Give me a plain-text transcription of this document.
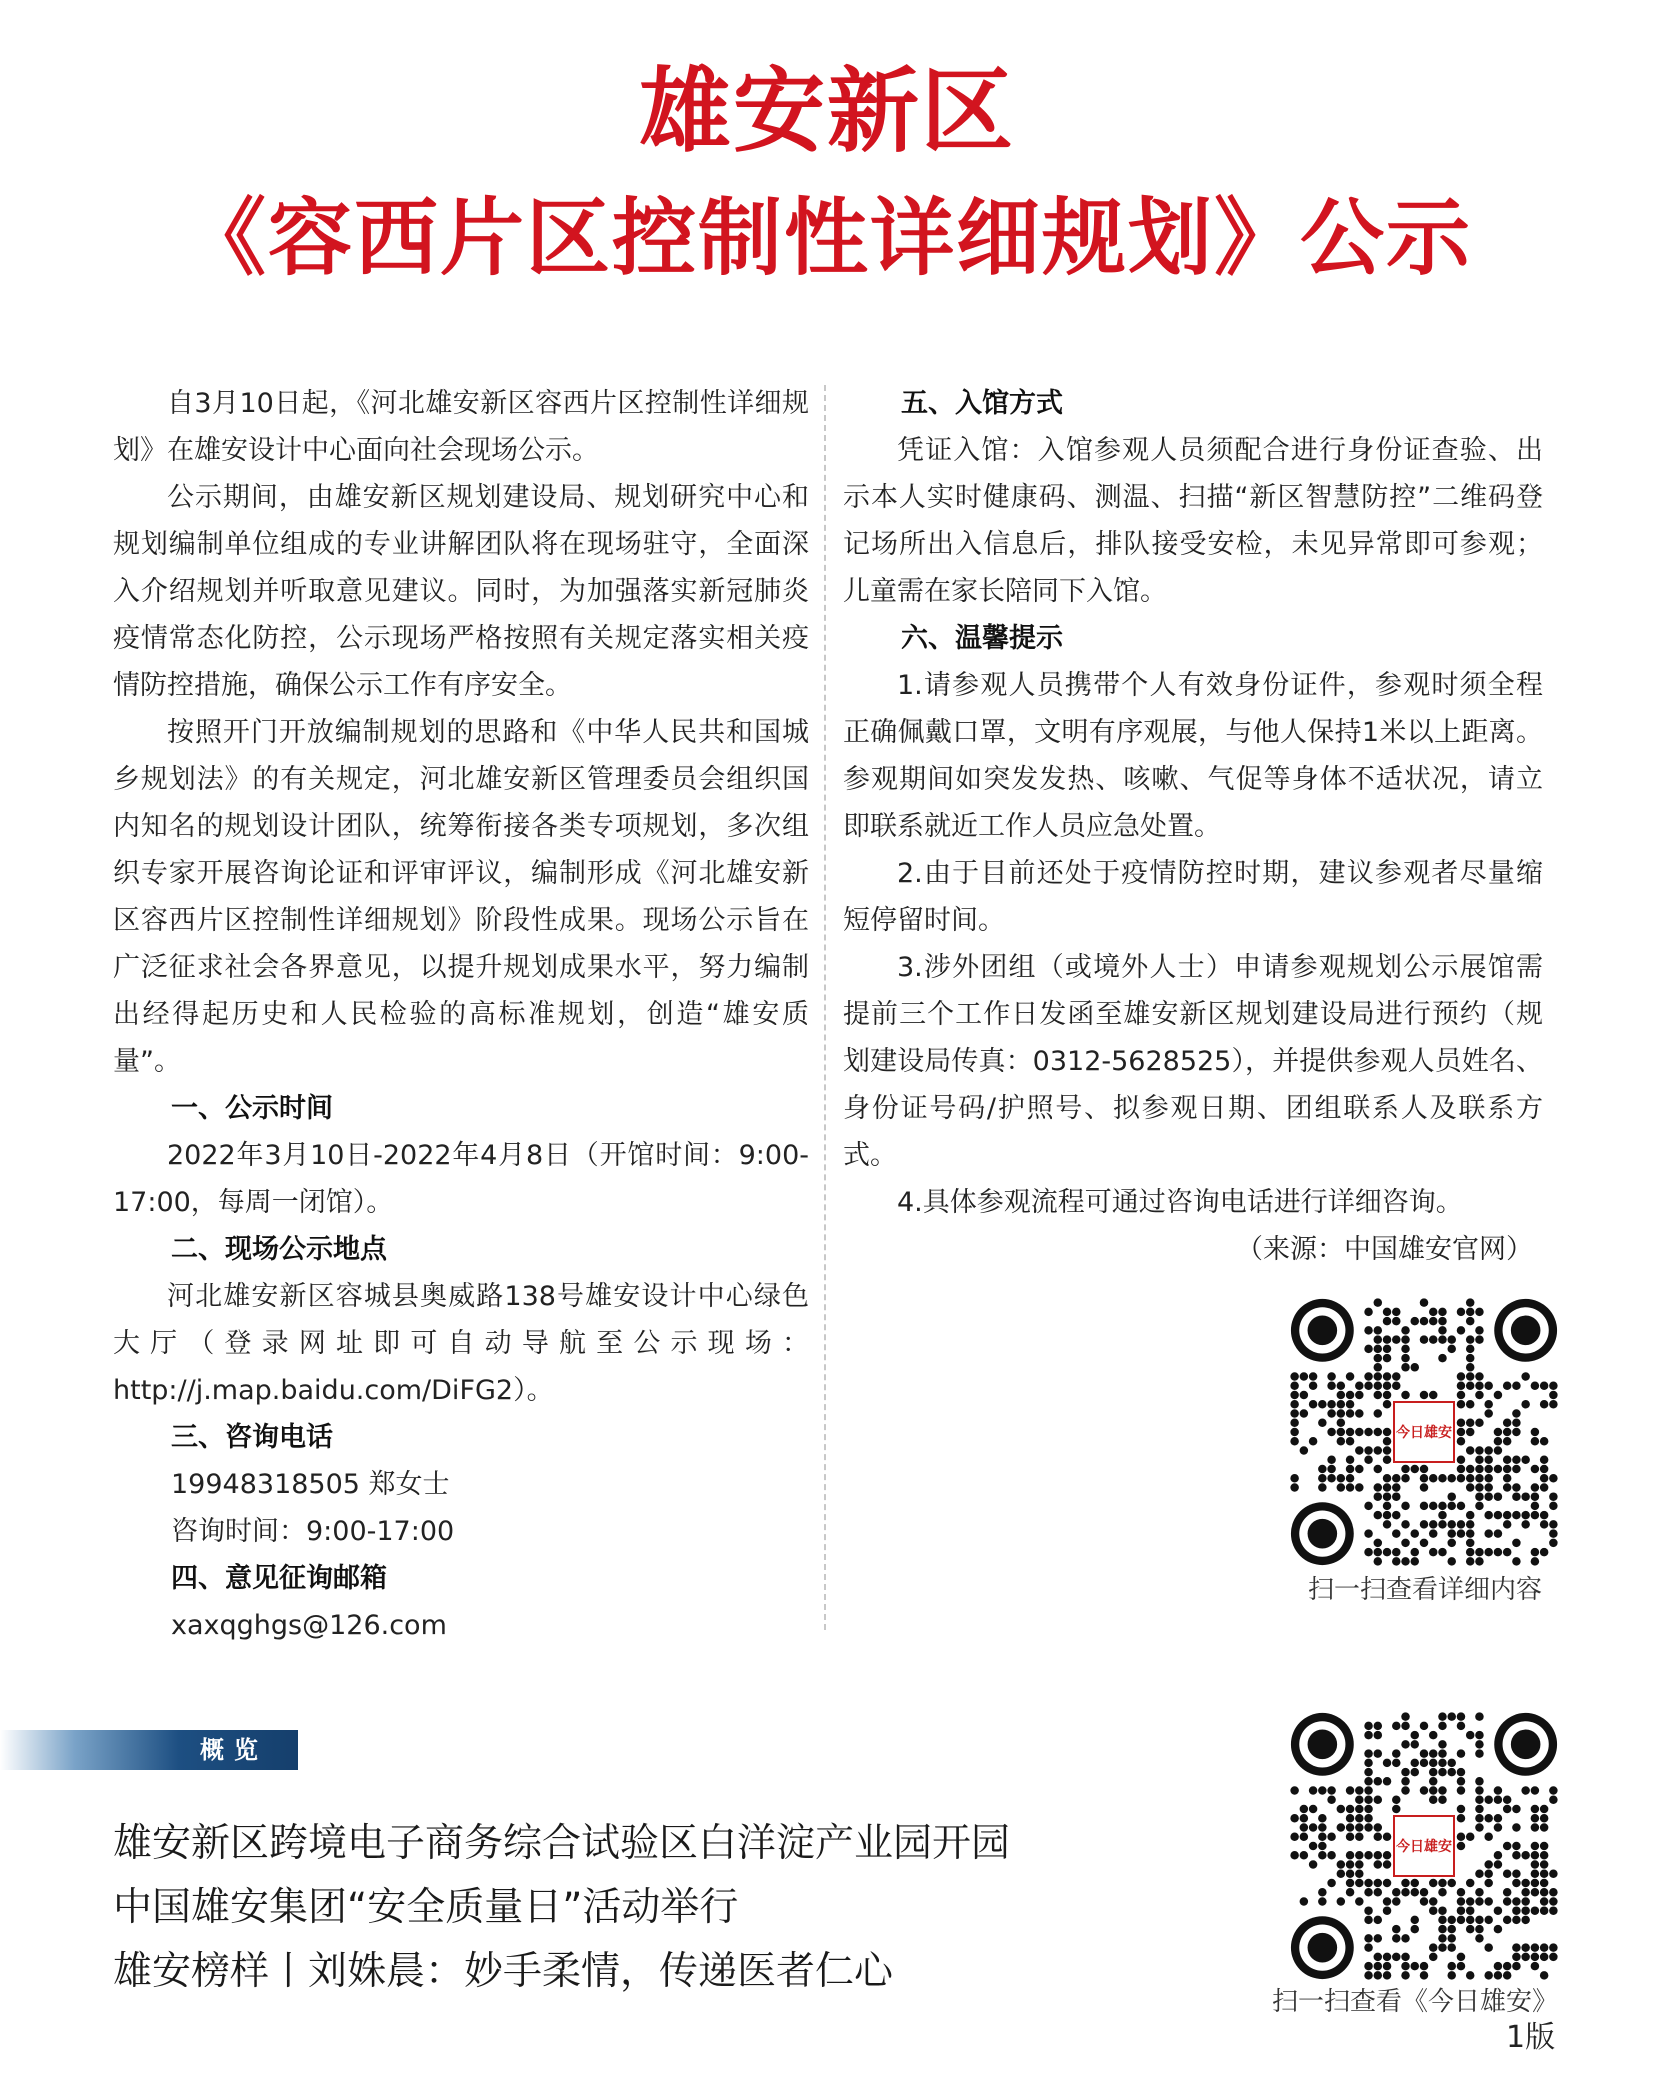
雄安新区
《容西片区控制性详细规划》公示

自3月10日起，《河北雄安新区容西片区控制性详细规划》在雄安设计中心面向社会现场公示。

公示期间，由雄安新区规划建设局、规划研究中心和规划编制单位组成的专业讲解团队将在现场驻守，全面深入介绍规划并听取意见建议。同时，为加强落实新冠肺炎疫情常态化防控，公示现场严格按照有关规定落实相关疫情防控措施，确保公示工作有序安全。

按照开门开放编制规划的思路和《中华人民共和国城乡规划法》的有关规定，河北雄安新区管理委员会组织国内知名的规划设计团队，统筹衔接各类专项规划，多次组织专家开展咨询论证和评审评议，编制形成《河北雄安新区容西片区控制性详细规划》阶段性成果。现场公示旨在广泛征求社会各界意见，以提升规划成果水平，努力编制出经得起历史和人民检验的高标准规划，创造“雄安质量”。

一、公示时间

2022年3月10日-2022年4月8日（开馆时间：9:00-17:00，每周一闭馆）。

二、现场公示地点

河北雄安新区容城县奥威路138号雄安设计中心绿色大厅（登录网址即可自动导航至公示现场：http://j.map.baidu.com/DiFG2）。

三、咨询电话

19948318505 郑女士

咨询时间：9:00-17:00

四、意见征询邮箱

xaxqghgs@126.com

五、入馆方式

凭证入馆：入馆参观人员须配合进行身份证查验、出示本人实时健康码、测温、扫描“新区智慧防控”二维码登记场所出入信息后，排队接受安检，未见异常即可参观；儿童需在家长陪同下入馆。

六、温馨提示

1.请参观人员携带个人有效身份证件，参观时须全程正确佩戴口罩，文明有序观展，与他人保持1米以上距离。参观期间如突发发热、咳嗽、气促等身体不适状况，请立即联系就近工作人员应急处置。

2.由于目前还处于疫情防控时期，建议参观者尽量缩短停留时间。

3.涉外团组（或境外人士）申请参观规划公示展馆需提前三个工作日发函至雄安新区规划建设局进行预约（规划建设局传真：0312-5628525），并提供参观人员姓名、身份证号码/护照号、拟参观日期、团组联系人及联系方式。

4.具体参观流程可通过咨询电话进行详细咨询。

（来源：中国雄安官网）

今日雄安
扫一扫查看详细内容
今日雄安
扫一扫查看《今日雄安》
概览
雄安新区跨境电子商务综合试验区白洋淀产业园开园
中国雄安集团“安全质量日”活动举行
雄安榜样丨刘姝晨：妙手柔情，传递医者仁心
1版
